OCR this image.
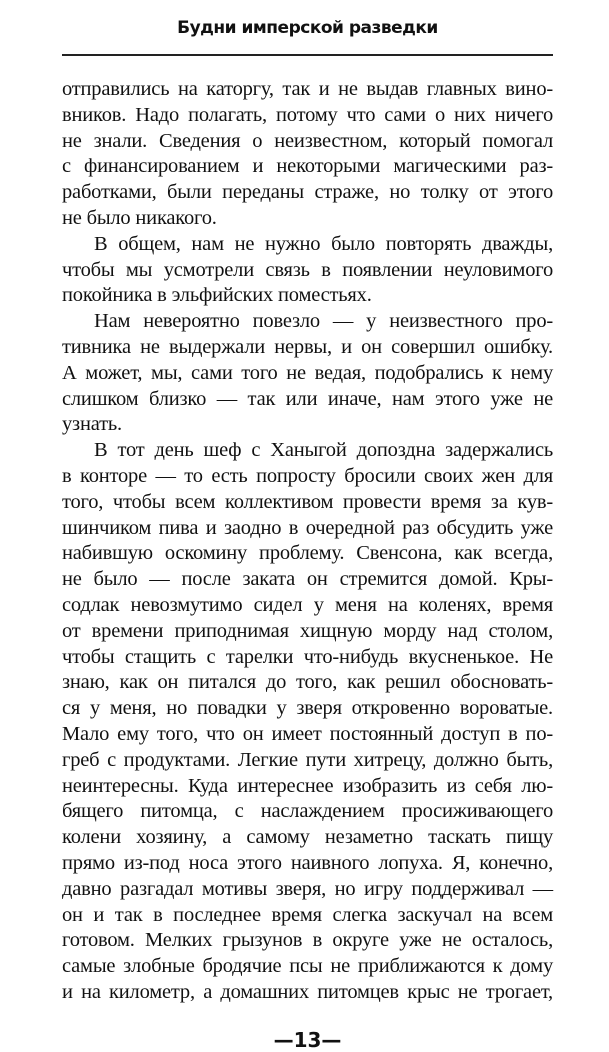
Будни имперской разведки
отправились на каторгу, так и не выдав главных вино-
вников. Надо полагать, потому что сами о них ничего
не знали. Сведения о неизвестном, который помогал
с финансированием и некоторыми магическими раз-
работками, были переданы страже, но толку от этого
не было никакого.
В общем, нам не нужно было повторять дважды,
чтобы мы усмотрели связь в появлении неуловимого
покойника в эльфийских поместьях.
Нам невероятно повезло — у неизвестного про-
тивника не выдержали нервы, и он совершил ошибку.
А может, мы, сами того не ведая, подобрались к нему
слишком близко — так или иначе, нам этого уже не
узнать.
В тот день шеф с Ханыгой допоздна задержались
в конторе — то есть попросту бросили своих жен для
того, чтобы всем коллективом провести время за кув-
шинчиком пива и заодно в очередной раз обсудить уже
набившую оскомину проблему. Свенсона, как всегда,
не было — после заката он стремится домой. Кры-
содлак невозмутимо сидел у меня на коленях, время
от времени приподнимая хищную морду над столом,
чтобы стащить с тарелки что-нибудь вкусненькое. Не
знаю, как он питался до того, как решил обосновать-
ся у меня, но повадки у зверя откровенно вороватые.
Мало ему того, что он имеет постоянный доступ в по-
греб с продуктами. Легкие пути хитрецу, должно быть,
неинтересны. Куда интереснее изобразить из себя лю-
бящего питомца, с наслаждением просиживающего
колени хозяину, а самому незаметно таскать пищу
прямо из-под носа этого наивного лопуха. Я, конечно,
давно разгадал мотивы зверя, но игру поддерживал —
он и так в последнее время слегка заскучал на всем
готовом. Мелких грызунов в округе уже не осталось,
самые злобные бродячие псы не приближаются к дому
и на километр, а домашних питомцев крыс не трогает,
—13—
